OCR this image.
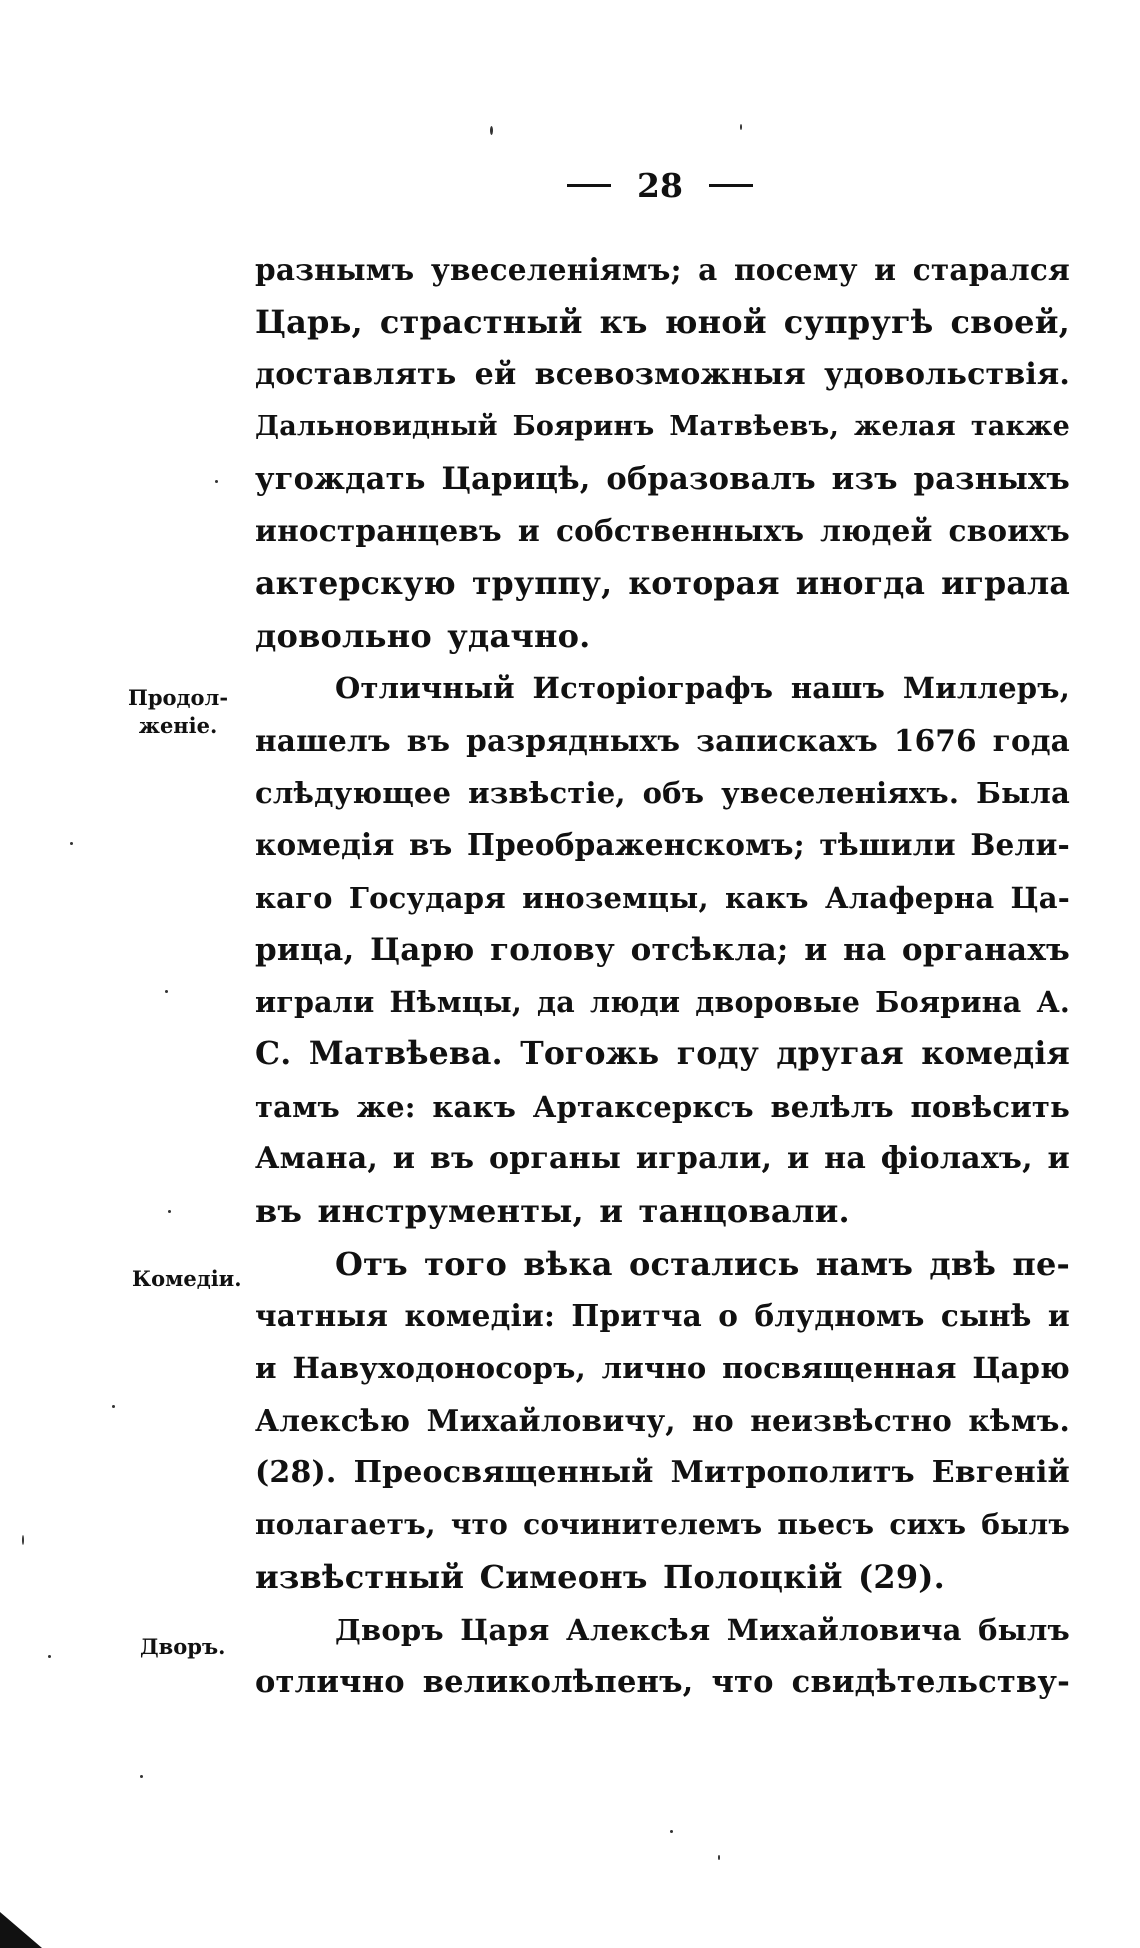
28
Продол-
женіе.
Комедіи.
Дворъ.
разнымъ увеселеніямъ; а посему и старался
Царь, страстный къ юной супругѣ своей,
доставлять ей всевозможныя удовольствія.
Дальновидный Бояринъ Матвѣевъ, желая также
угождать Царицѣ, образовалъ изъ разныхъ
иностранцевъ и собственныхъ людей своихъ
актерскую труппу, которая иногда играла
довольно удачно.
Отличный Исторіографъ нашъ Миллеръ,
нашелъ въ разрядныхъ запискахъ 1676 года
слѣдующее извѣстіе, объ увеселеніяхъ. Была
комедія въ Преображенскомъ; тѣшили Вели-
каго Государя иноземцы, какъ Алаферна Ца-
рица, Царю голову отсѣкла; и на органахъ
играли Нѣмцы, да люди дворовые Боярина А.
С. Матвѣева. Тогожь году другая комедія
тамъ же: какъ Артаксерксъ велѣлъ повѣсить
Амана, и въ органы играли, и на фіолахъ, и
въ инструменты, и танцовали.
Отъ того вѣка остались намъ двѣ пе-
чатныя комедіи: Притча о блудномъ сынѣ и
и Навуходоносоръ, лично посвященная Царю
Алексѣю Михайловичу, но неизвѣстно кѣмъ.
(28). Преосвященный Митрополитъ Евгеній
полагаетъ, что сочинителемъ пьесъ сихъ былъ
извѣстный Симеонъ Полоцкій (29).
Дворъ Царя Алексѣя Михайловича былъ
отлично великолѣпенъ, что свидѣтельству-
